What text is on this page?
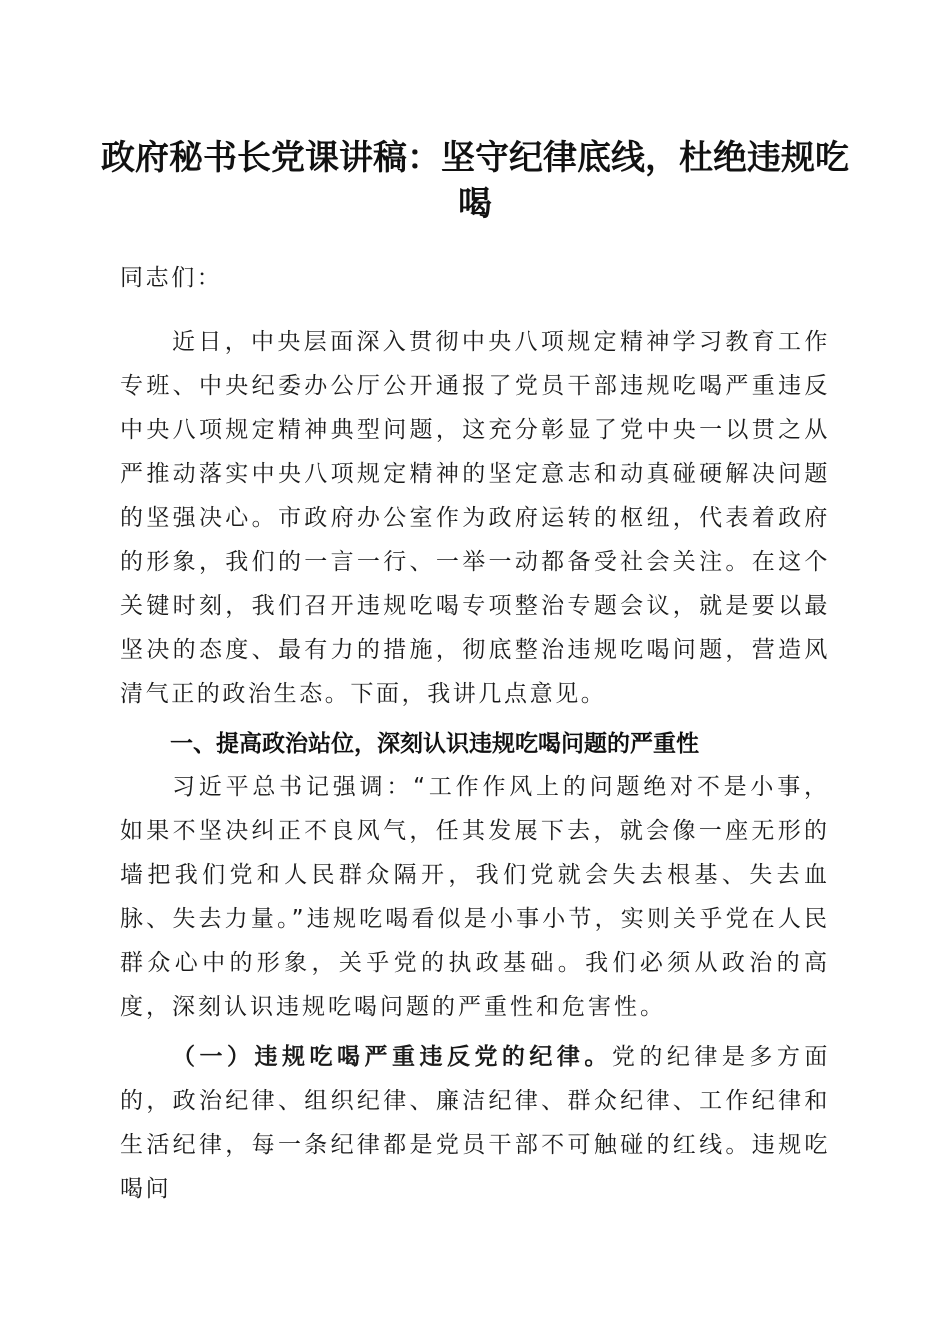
政府秘书长党课讲稿：坚守纪律底线，杜绝违规吃喝
同志们：
近日，中央层面深入贯彻中央八项规定精神学习教育工作专班、中央纪委办公厅公开通报了党员干部违规吃喝严重违反中央八项规定精神典型问题，这充分彰显了党中央一以贯之从严推动落实中央八项规定精神的坚定意志和动真碰硬解决问题的坚强决心。市政府办公室作为政府运转的枢纽，代表着政府的形象，我们的一言一行、一举一动都备受社会关注。在这个关键时刻，我们召开违规吃喝专项整治专题会议，就是要以最坚决的态度、最有力的措施，彻底整治违规吃喝问题，营造风清气正的政治生态。下面，我讲几点意见。
一、提高政治站位，深刻认识违规吃喝问题的严重性
习近平总书记强调：“工作作风上的问题绝对不是小事，如果不坚决纠正不良风气，任其发展下去，就会像一座无形的墙把我们党和人民群众隔开，我们党就会失去根基、失去血脉、失去力量。”违规吃喝看似是小事小节，实则关乎党在人民群众心中的形象，关乎党的执政基础。我们必须从政治的高度，深刻认识违规吃喝问题的严重性和危害性。
（一）违规吃喝严重违反党的纪律。党的纪律是多方面的，政治纪律、组织纪律、廉洁纪律、群众纪律、工作纪律和生活纪律，每一条纪律都是党员干部不可触碰的红线。违规吃喝问
